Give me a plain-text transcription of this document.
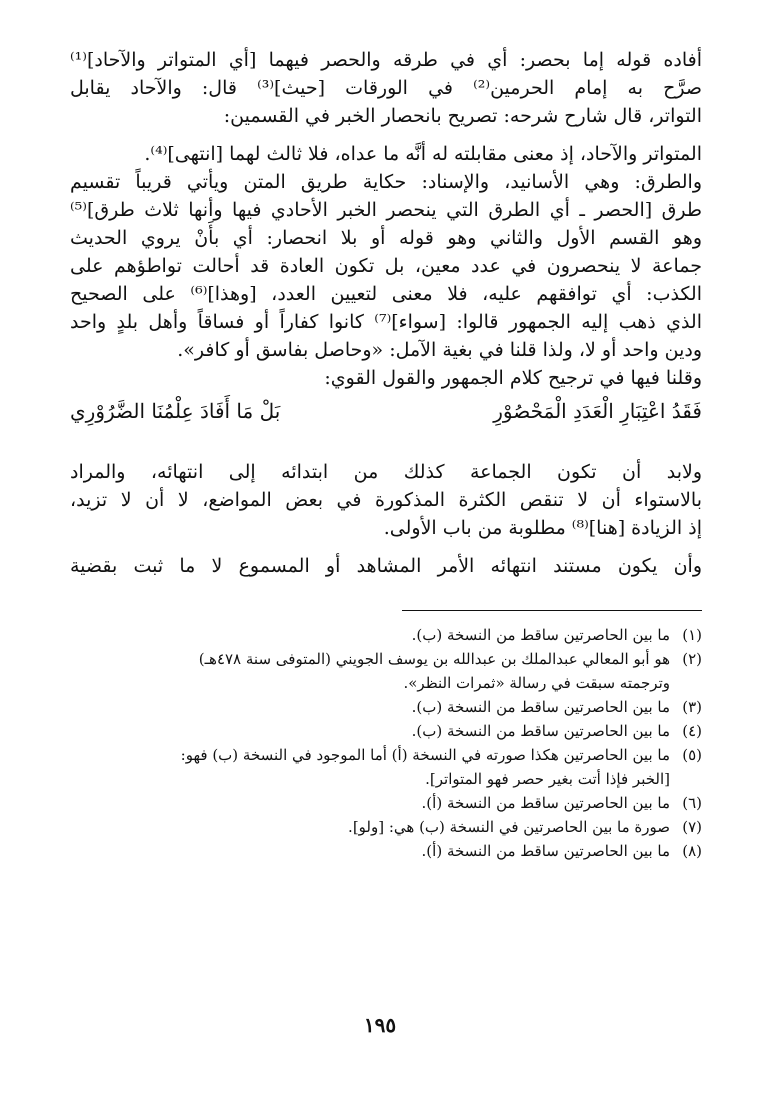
أفاده قوله إما بحصر: أي في طرقه والحصر فيهما [أي المتواتر والآحاد]⁽¹⁾

صرَّح به إمام الحرمين⁽²⁾ في الورقات [حيث]⁽³⁾ قال: والآحاد يقابل

التواتر، قال شارح شرحه: تصريح بانحصار الخبر في القسمين:

المتواتر والآحاد، إذ معنى مقابلته له أنَّه ما عداه، فلا ثالث لهما [انتهى]⁽⁴⁾.

والطرق: وهي الأسانيد، والإسناد: حكاية طريق المتن ويأتي قريباً تقسيم

طرق [الحصر ـ أي الطرق التي ينحصر الخبر الأحادي فيها وأنها ثلاث طرق]⁽⁵⁾

وهو القسم الأول والثاني وهو قوله أو بلا انحصار: أي بأَنْ يروي الحديث

جماعة لا ينحصرون في عدد معين، بل تكون العادة قد أحالت تواطؤهم على

الكذب: أي توافقهم عليه، فلا معنى لتعيين العدد، [وهذا]⁽⁶⁾ على الصحيح

الذي ذهب إليه الجمهور قالوا: [سواء]⁽⁷⁾ كانوا كفاراً أو فساقاً وأهل بلدٍ واحد

ودين واحد أو لا، ولذا قلنا في بغية الآمل: «وحاصل بفاسق أو كافر».

وقلنا فيها في ترجيح كلام الجمهور والقول القوي:

فَقَدُ اعْتِبَارِ الْعَدَدِ الْمَحْصُوْرِ
بَلْ مَا أَفَادَ عِلْمُنَا الضَّرُوْرِي

ولابد أن تكون الجماعة كذلك من ابتدائه إلى انتهائه، والمراد

بالاستواء أن لا تنقص الكثرة المذكورة في بعض المواضع، لا أن لا تزيد،

إذ الزيادة [هنا]⁽⁸⁾ مطلوبة من باب الأولى.

وأن يكون مستند انتهائه الأمر المشاهد أو المسموع لا ما ثبت بقضية

(١)
ما بين الحاصرتين ساقط من النسخة (ب).
(٢)
هو أبو المعالي عبدالملك بن عبدالله بن يوسف الجويني (المتوفى سنة ٤٧٨هـ)
وترجمته سبقت في رسالة «ثمرات النظر».
(٣)
ما بين الحاصرتين ساقط من النسخة (ب).
(٤)
ما بين الحاصرتين ساقط من النسخة (ب).
(٥)
ما بين الحاصرتين هكذا صورته في النسخة (أ) أما الموجود في النسخة (ب) فهو:
[الخبر فإذا أتت بغير حصر فهو المتواتر].
(٦)
ما بين الحاصرتين ساقط من النسخة (أ).
(٧)
صورة ما بين الحاصرتين في النسخة (ب) هي: [ولو].
(٨)
ما بين الحاصرتين ساقط من النسخة (أ).
١٩٥
